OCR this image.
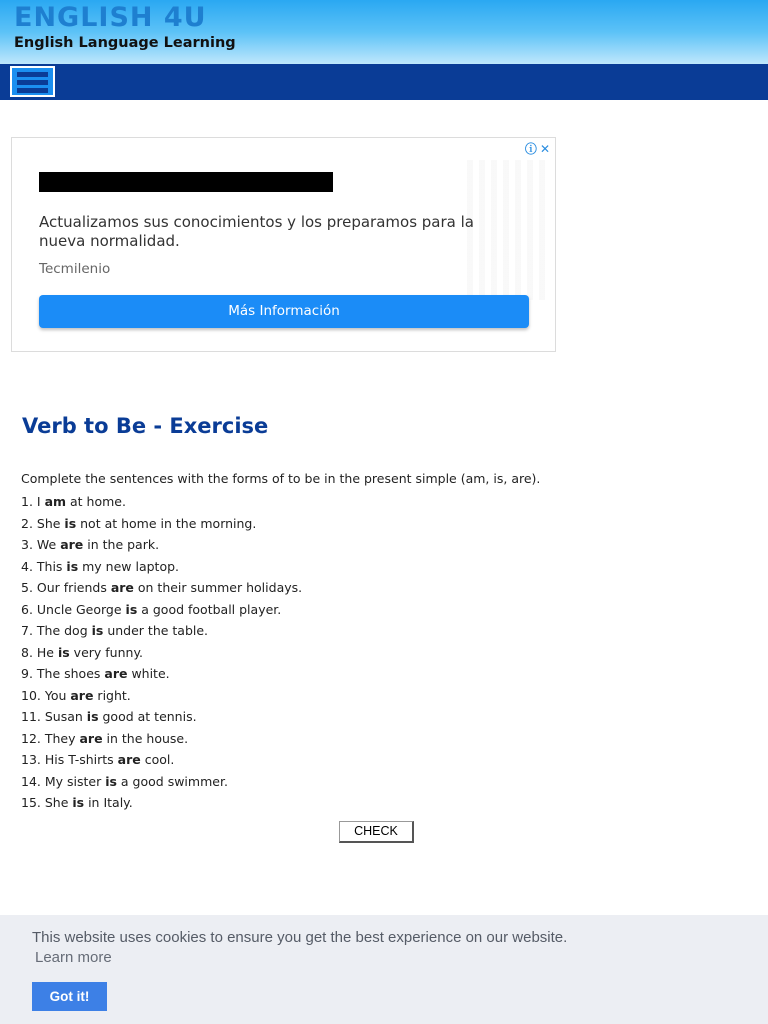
ENGLISH 4U
English Language Learning
ⓘ ✕
Actualizamos sus conocimientos y los preparamos para la nueva normalidad.
Tecmilenio
Más Información
Verb to Be - Exercise
Complete the sentences with the forms of to be in the present simple (am, is, are).
1. I am at home.
2. She is not at home in the morning.
3. We are in the park.
4. This is my new laptop.
5. Our friends are on their summer holidays.
6. Uncle George is a good football player.
7. The dog is under the table.
8. He is very funny.
9. The shoes are white.
10. You are right.
11. Susan is good at tennis.
12. They are in the house.
13. His T-shirts are cool.
14. My sister is a good swimmer.
15. She is in Italy.
CHECK
This website uses cookies to ensure you get the best experience on our website.
Learn more
Got it!
